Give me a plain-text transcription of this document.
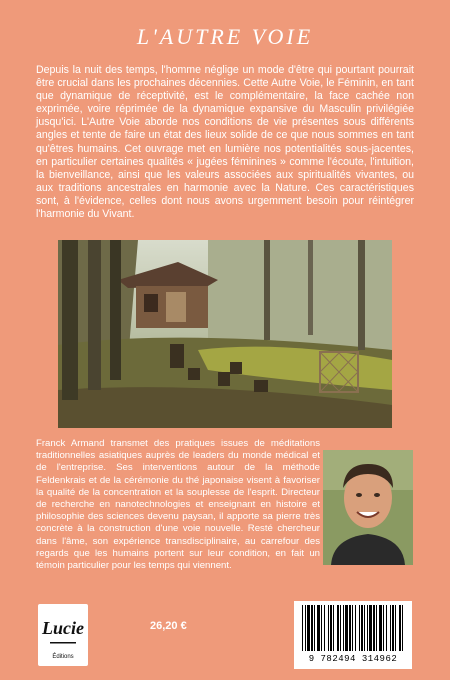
L'AUTRE VOIE

Depuis la nuit des temps, l'homme néglige un mode d'être qui pourtant pourrait être crucial dans les prochaines décennies. Cette Autre Voie, le Féminin, en tant que dynamique de réceptivité, est le complémentaire, la face cachée non exprimée, voire réprimée de la dynamique expansive du Masculin privilégiée jusqu'ici. L'Autre Voie aborde nos conditions de vie présentes sous différents angles et tente de faire un état des lieux solide de ce que nous sommes en tant qu'êtres humains. Cet ouvrage met en lumière nos potentialités sous-jacentes, en particulier certaines qualités « jugées féminines » comme l'écoute, l'intuition, la bienveillance, ainsi que les valeurs associées aux spiritualités vivantes, ou aux traditions ancestrales en harmonie avec la Nature. Ces caractéristiques sont, à l'évidence, celles dont nous avons urgemment besoin pour réintégrer l'harmonie du Vivant.

Franck Armand transmet des pratiques issues de méditations traditionnelles asiatiques auprès de leaders du monde médical et de l'entreprise. Ses interventions autour de la méthode Feldenkrais et de la cérémonie du thé japonaise visent à favoriser la qualité de la concentration et la souplesse de l'esprit. Directeur de recherche en nanotechnologies et enseignant en histoire et philosophie des sciences devenu paysan, il apporte sa pierre très concrète à la construction d'une voie nouvelle. Resté chercheur dans l'âme, son expérience transdisciplinaire, au carrefour des regards que les humains portent sur leur condition, en fait un témoin particulier pour les temps qui viennent.

Lucie
Éditions
26,20 €
9 782494 314962
